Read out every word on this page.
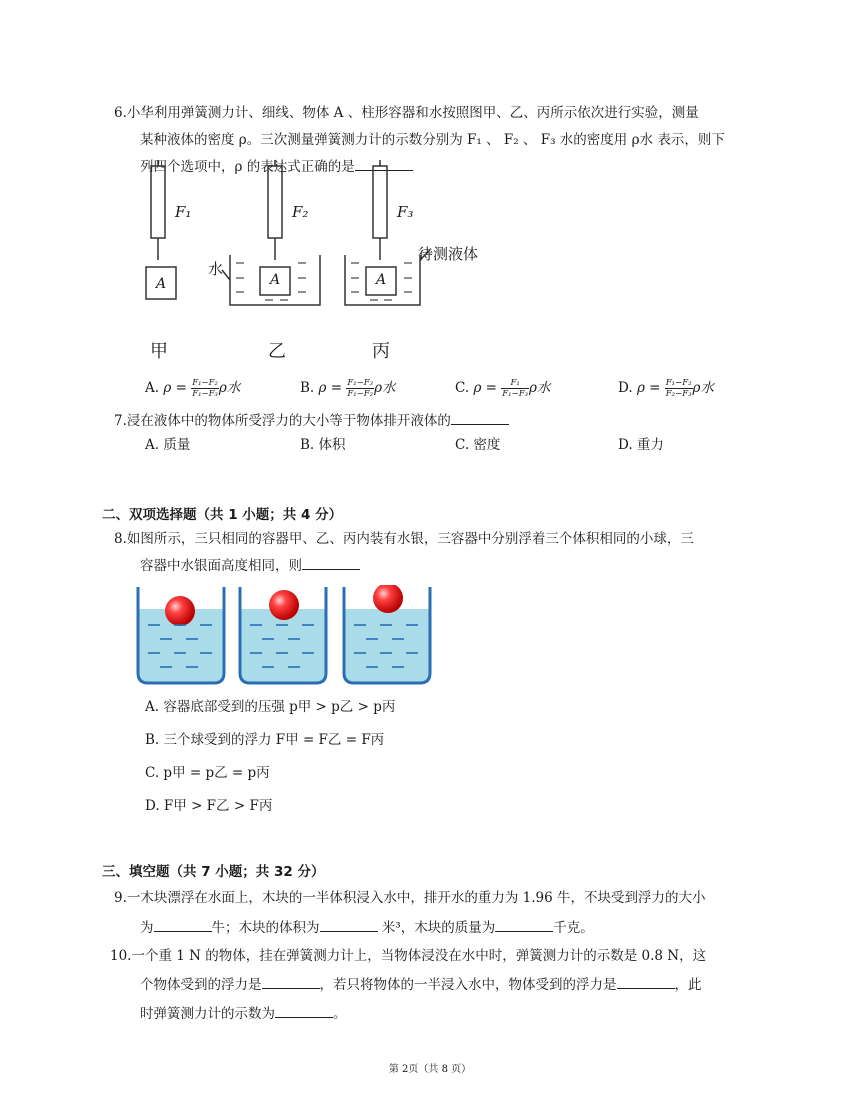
6.小华利用弹簧测力计、细线、物体 A 、柱形容器和水按照图甲、乙、丙所示依次进行实验，测量
某种液体的密度 ρ。三次测量弹簧测力计的示数分别为 F₁ 、 F₂ 、 F₃ 水的密度用 ρ水 表示，则下
列四个选项中，ρ 的表达式正确的是
F₁	F₂	F₃
A	A	A
水
待测液体
甲	乙	丙
A. $\rho = \frac{\text{F₁−F₂}}{\text{F₁−F₃}}$ ρ水	B. $\rho = \frac{\text{F₁−F₃}}{\text{F₁−F₂}}$ ρ水	C. $\rho = \frac{\text{F₁}}{\text{F₁−F₃}}$ ρ水	D. $\rho = \frac{\text{F₁−F₂}}{\text{F₂−F₃}}$ ρ水
7.浸在液体中的物体所受浮力的大小等于物体排开液体的
A. 质量	B. 体积	C. 密度	D. 重力
二、双项选择题（共 1 小题；共 4 分）
8.如图所示，三只相同的容器甲、乙、丙内装有水银，三容器中分别浮着三个体积相同的小球，三
容器中水银面高度相同，则
A. 容器底部受到的压强 p甲 > p乙 > p丙
B. 三个球受到的浮力 F甲 = F乙 = F丙
C. p甲 = p乙 = p丙
D. F甲 > F乙 > F丙
三、填空题（共 7 小题；共 32 分）
9.一木块漂浮在水面上，木块的一半体积浸入水中，排开水的重力为 1.96 牛，不块受到浮力的大小
为	牛；木块的体积为	米³，木块的质量为	千克。
10.一个重 1 N 的物体，挂在弹簧测力计上，当物体浸没在水中时，弹簧测力计的示数是 0.8 N，这
个物体受到的浮力是	，若只将物体的一半浸入水中，物体受到的浮力是	，此
时弹簧测力计的示数为	。
第 2页（共 8 页）
